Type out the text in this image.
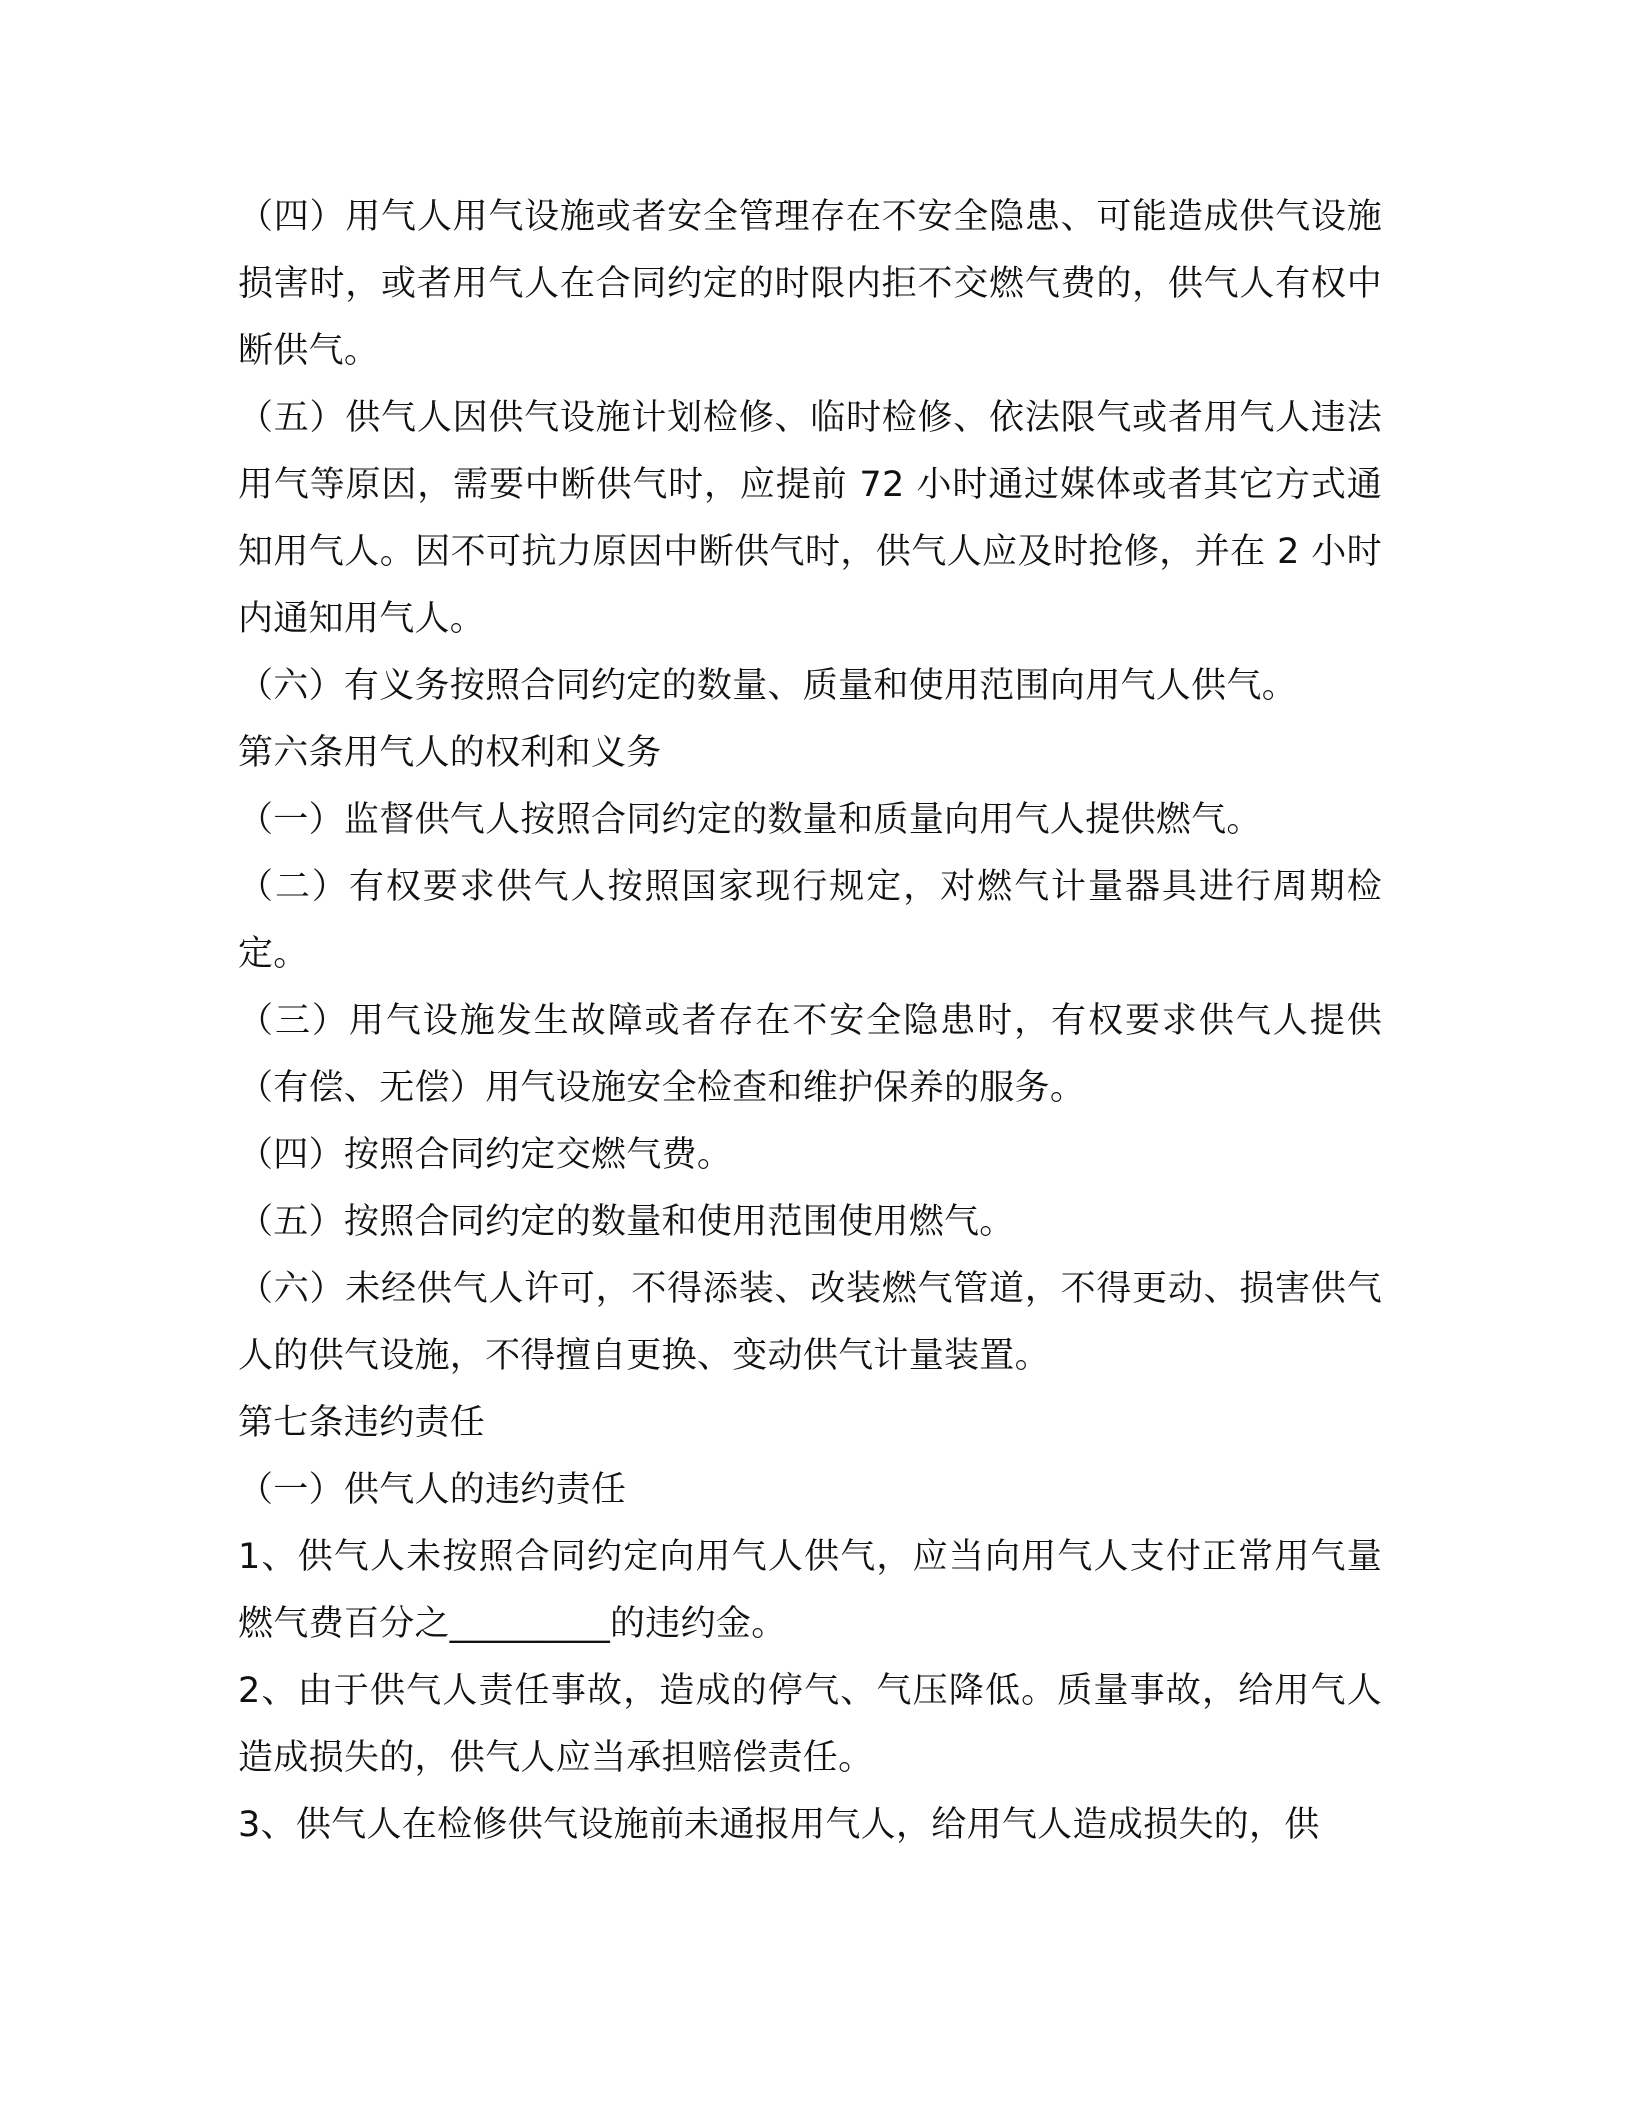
（四）用气人用气设施或者安全管理存在不安全隐患、可能造成供气设施损害时，或者用气人在合同约定的时限内拒不交燃气费的，供气人有权中断供气。

（五）供气人因供气设施计划检修、临时检修、依法限气或者用气人违法用气等原因，需要中断供气时，应提前 72 小时通过媒体或者其它方式通知用气人。因不可抗力原因中断供气时，供气人应及时抢修，并在 2 小时内通知用气人。

（六）有义务按照合同约定的数量、质量和使用范围向用气人供气。

第六条用气人的权利和义务

（一）监督供气人按照合同约定的数量和质量向用气人提供燃气。

（二）有权要求供气人按照国家现行规定，对燃气计量器具进行周期检定。

（三）用气设施发生故障或者存在不安全隐患时，有权要求供气人提供（有偿、无偿）用气设施安全检查和维护保养的服务。

（四）按照合同约定交燃气费。

（五）按照合同约定的数量和使用范围使用燃气。

（六）未经供气人许可，不得添装、改装燃气管道，不得更动、损害供气人的供气设施，不得擅自更换、变动供气计量装置。

第七条违约责任

（一）供气人的违约责任

1、供气人未按照合同约定向用气人供气，应当向用气人支付正常用气量燃气费百分之_________的违约金。

2、由于供气人责任事故，造成的停气、气压降低。质量事故，给用气人造成损失的，供气人应当承担赔偿责任。

3、供气人在检修供气设施前未通报用气人，给用气人造成损失的，供
